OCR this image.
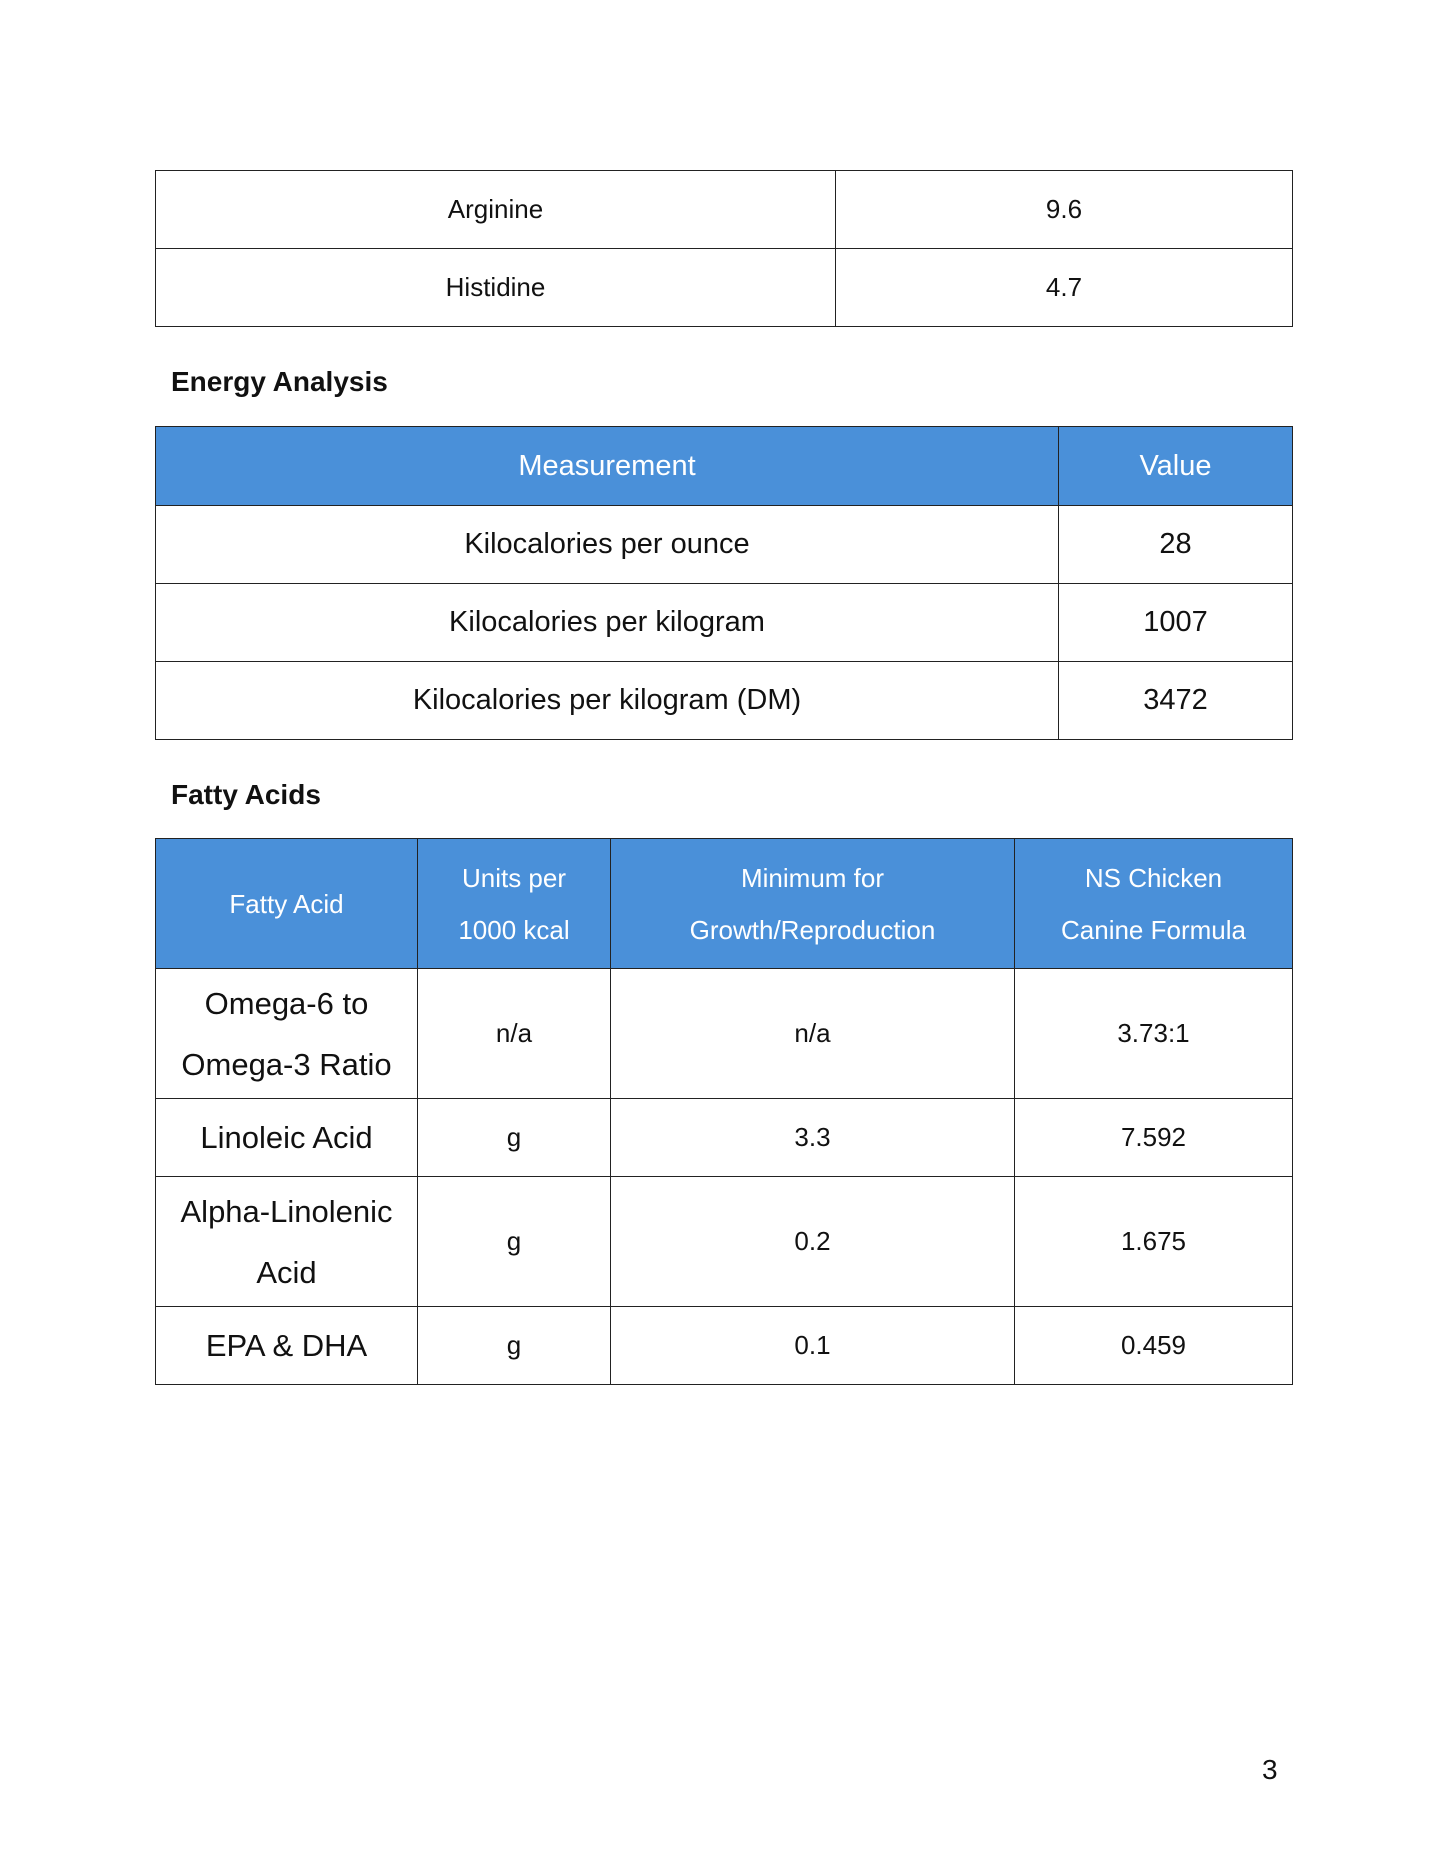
Arginine	9.6
Histidine	4.7
Energy Analysis
Measurement	Value
Kilocalories per ounce	28
Kilocalories per kilogram	1007
Kilocalories per kilogram (DM)	3472
Fatty Acids
Fatty Acid	Units per 1000 kcal	Minimum for Growth/Reproduction	NS Chicken Canine Formula
Omega-6 to Omega-3 Ratio	n/a	n/a	3.73:1
Linoleic Acid	g	3.3	7.592
Alpha-Linolenic Acid	g	0.2	1.675
EPA & DHA	g	0.1	0.459
3
